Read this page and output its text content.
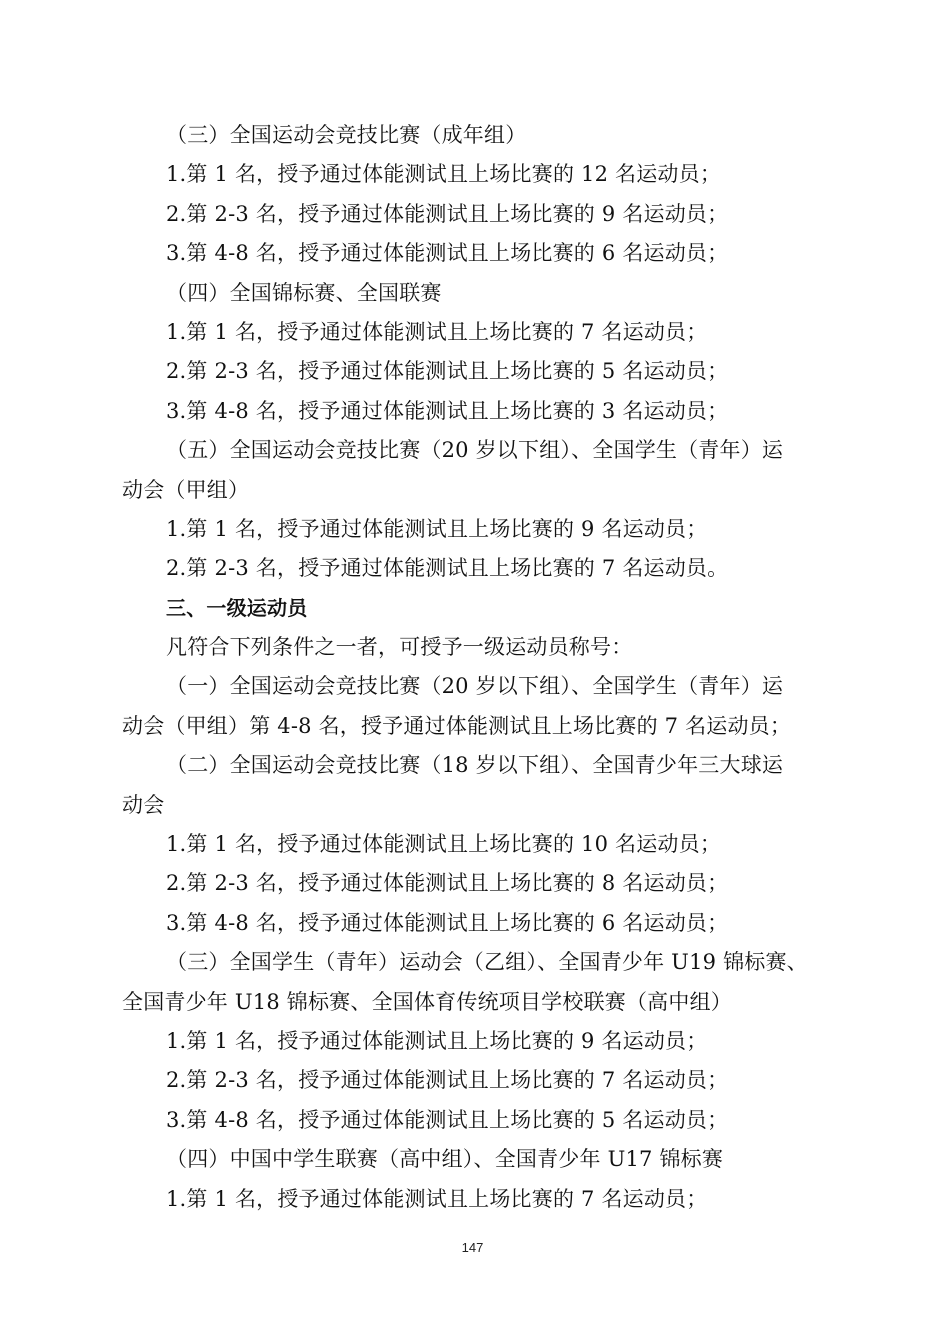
（三）全国运动会竞技比赛（成年组）
1.第 1 名，授予通过体能测试且上场比赛的 12 名运动员；
2.第 2-3 名，授予通过体能测试且上场比赛的 9 名运动员；
3.第 4-8 名，授予通过体能测试且上场比赛的 6 名运动员；
（四）全国锦标赛、全国联赛
1.第 1 名，授予通过体能测试且上场比赛的 7 名运动员；
2.第 2-3 名，授予通过体能测试且上场比赛的 5 名运动员；
3.第 4-8 名，授予通过体能测试且上场比赛的 3 名运动员；
（五）全国运动会竞技比赛（20 岁以下组）、全国学生（青年）运
动会（甲组）
1.第 1 名，授予通过体能测试且上场比赛的 9 名运动员；
2.第 2-3 名，授予通过体能测试且上场比赛的 7 名运动员。
三、一级运动员
凡符合下列条件之一者，可授予一级运动员称号：
（一）全国运动会竞技比赛（20 岁以下组）、全国学生（青年）运
动会（甲组）第 4-8 名，授予通过体能测试且上场比赛的 7 名运动员；
（二）全国运动会竞技比赛（18 岁以下组）、全国青少年三大球运
动会
1.第 1 名，授予通过体能测试且上场比赛的 10 名运动员；
2.第 2-3 名，授予通过体能测试且上场比赛的 8 名运动员；
3.第 4-8 名，授予通过体能测试且上场比赛的 6 名运动员；
（三）全国学生（青年）运动会（乙组）、全国青少年 U19 锦标赛、
全国青少年 U18 锦标赛、全国体育传统项目学校联赛（高中组）
1.第 1 名，授予通过体能测试且上场比赛的 9 名运动员；
2.第 2-3 名，授予通过体能测试且上场比赛的 7 名运动员；
3.第 4-8 名，授予通过体能测试且上场比赛的 5 名运动员；
（四）中国中学生联赛（高中组）、全国青少年 U17 锦标赛
1.第 1 名，授予通过体能测试且上场比赛的 7 名运动员；
147
